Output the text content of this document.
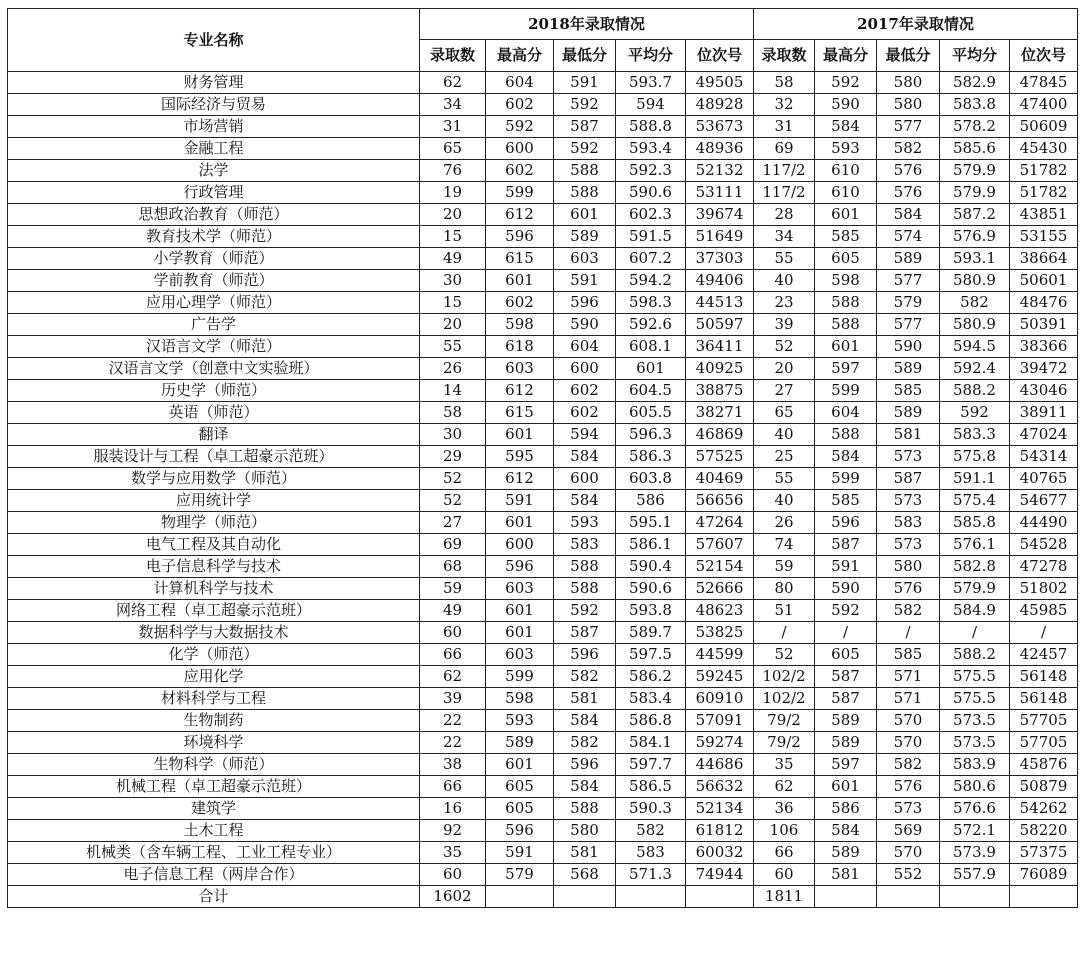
专业名称	2018年录取情况					2017年录取情况				
	录取数	最高分	最低分	平均分	位次号	录取数	最高分	最低分	平均分	位次号
财务管理	62	604	591	593.7	49505	58	592	580	582.9	47845
国际经济与贸易	34	602	592	594	48928	32	590	580	583.8	47400
市场营销	31	592	587	588.8	53673	31	584	577	578.2	50609
金融工程	65	600	592	593.4	48936	69	593	582	585.6	45430
法学	76	602	588	592.3	52132	117/2	610	576	579.9	51782
行政管理	19	599	588	590.6	53111	117/2	610	576	579.9	51782
思想政治教育（师范）	20	612	601	602.3	39674	28	601	584	587.2	43851
教育技术学（师范）	15	596	589	591.5	51649	34	585	574	576.9	53155
小学教育（师范）	49	615	603	607.2	37303	55	605	589	593.1	38664
学前教育（师范）	30	601	591	594.2	49406	40	598	577	580.9	50601
应用心理学（师范）	15	602	596	598.3	44513	23	588	579	582	48476
广告学	20	598	590	592.6	50597	39	588	577	580.9	50391
汉语言文学（师范）	55	618	604	608.1	36411	52	601	590	594.5	38366
汉语言文学（创意中文实验班）	26	603	600	601	40925	20	597	589	592.4	39472
历史学（师范）	14	612	602	604.5	38875	27	599	585	588.2	43046
英语（师范）	58	615	602	605.5	38271	65	604	589	592	38911
翻译	30	601	594	596.3	46869	40	588	581	583.3	47024
服装设计与工程（卓工超豪示范班）	29	595	584	586.3	57525	25	584	573	575.8	54314
数学与应用数学（师范）	52	612	600	603.8	40469	55	599	587	591.1	40765
应用统计学	52	591	584	586	56656	40	585	573	575.4	54677
物理学（师范）	27	601	593	595.1	47264	26	596	583	585.8	44490
电气工程及其自动化	69	600	583	586.1	57607	74	587	573	576.1	54528
电子信息科学与技术	68	596	588	590.4	52154	59	591	580	582.8	47278
计算机科学与技术	59	603	588	590.6	52666	80	590	576	579.9	51802
网络工程（卓工超豪示范班）	49	601	592	593.8	48623	51	592	582	584.9	45985
数据科学与大数据技术	60	601	587	589.7	53825	/	/	/	/	/
化学（师范）	66	603	596	597.5	44599	52	605	585	588.2	42457
应用化学	62	599	582	586.2	59245	102/2	587	571	575.5	56148
材料科学与工程	39	598	581	583.4	60910	102/2	587	571	575.5	56148
生物制药	22	593	584	586.8	57091	79/2	589	570	573.5	57705
环境科学	22	589	582	584.1	59274	79/2	589	570	573.5	57705
生物科学（师范）	38	601	596	597.7	44686	35	597	582	583.9	45876
机械工程（卓工超豪示范班）	66	605	584	586.5	56632	62	601	576	580.6	50879
建筑学	16	605	588	590.3	52134	36	586	573	576.6	54262
土木工程	92	596	580	582	61812	106	584	569	572.1	58220
机械类（含车辆工程、工业工程专业）	35	591	581	583	60032	66	589	570	573.9	57375
电子信息工程（两岸合作）	60	579	568	571.3	74944	60	581	552	557.9	76089
合计	1602					1811				
